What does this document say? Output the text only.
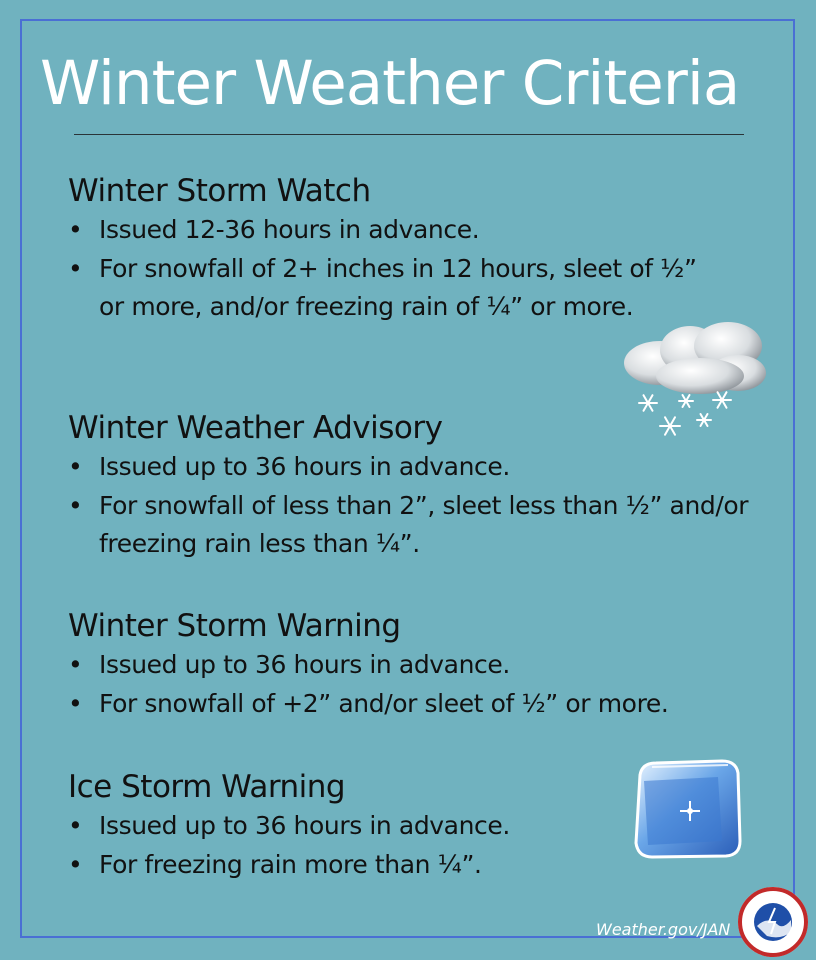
Winter Weather Criteria
Winter Storm Watch
• Issued 12-36 hours in advance.
• For snowfall of 2+ inches in 12 hours, sleet of ½” or more, and/or freezing rain of ¼” or more.
Winter Weather Advisory
• Issued up to 36 hours in advance.
• For snowfall of less than 2”, sleet less than ½” and/or freezing rain less than ¼”.
Winter Storm Warning
• Issued up to 36 hours in advance.
• For snowfall of +2” and/or sleet of ½” or more.
Ice Storm Warning
• Issued up to 36 hours in advance.
• For freezing rain more than ¼”.
Weather.gov/JAN
